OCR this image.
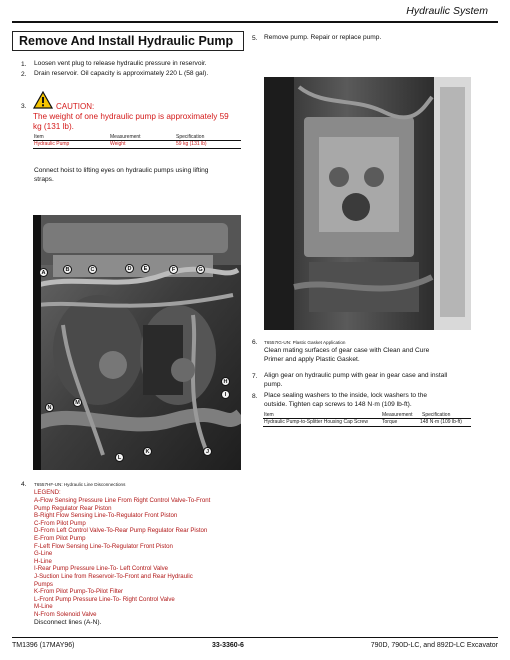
Hydraulic System
Remove And Install Hydraulic Pump
1. Loosen vent plug to release hydraulic pressure in reservoir.
2. Drain reservoir. Oil capacity is approximately 220 L (58 gal).
3.	CAUTION:
The weight of one hydraulic pump is approximately 59
kg (131 lb).
Item	Measurement	Specification
Hydraulic Pump	Weight	59 kg (131 lb)
Connect hoist to lifting eyes on hydraulic pumps using lifting
straps.
A	B	C	D	E	F	G
H
I
J
K
L
M
N
4. T6557HF-UN: Hydraulic Line Disconnections
LEGEND:
A-Flow Sensing Pressure Line From Right Control Valve-To-Front
Pump Regulator Rear Piston
B-Right Flow Sensing Line-To-Regulator Front Piston
C-From Pilot Pump
D-From Left Control Valve-To-Rear Pump Regulator Rear Piston
E-From Pilot Pump
F-Left Flow Sensing Line-To-Regulator Front Piston
G-Line
H-Line
I-Rear Pump Pressure Line-To- Left Control Valve
J-Suction Line from Reservoir-To-Front and Rear Hydraulic
Pumps
K-From Pilot Pump-To-Pilot Filter
L-Front Pump Pressure Line-To- Right Control Valve
M-Line
N-From Solenoid Valve
Disconnect lines (A-N).
5. Remove pump. Repair or replace pump.
6. T6557IG-UN: Plastic Gasket Application
Clean mating surfaces of gear case with Clean and Cure
Primer and apply Plastic Gasket.
7. Align gear on hydraulic pump with gear in gear case and install
pump.
8. Place sealing washers to the inside, lock washers to the
outside. Tighten cap screws to 148 N·m (109 lb-ft).
Item	Measurement Specification
Hydraulic Pump-to-Splitter Housing Cap Screw	Torque	148 N·m (109 lb-ft)
TM1396 (17MAY96)	33-3360-6	790D, 790D-LC, and 892D-LC Excavator
